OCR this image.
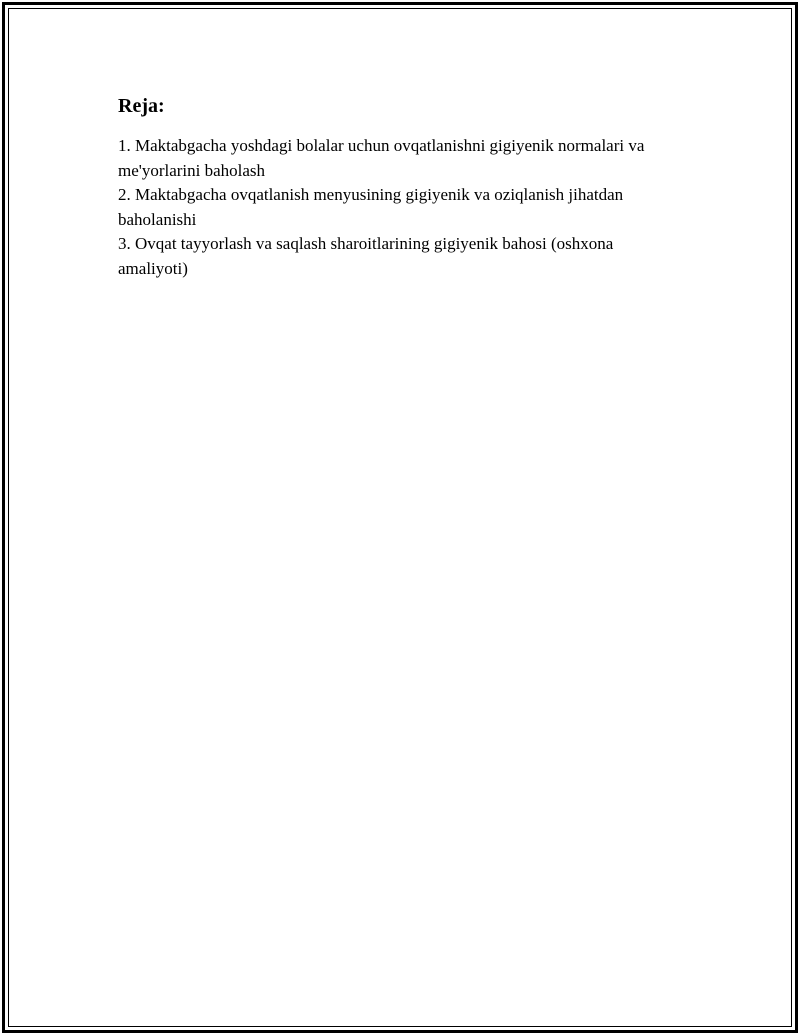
Reja:
1. Maktabgacha yoshdagi bolalar uchun ovqatlanishni gigiyenik normalari va me'yorlarini baholash
2. Maktabgacha ovqatlanish menyusining gigiyenik va oziqlanish jihatdan baholanishi
3. Ovqat tayyorlash va saqlash sharoitlarining gigiyenik bahosi (oshxona amaliyoti)
